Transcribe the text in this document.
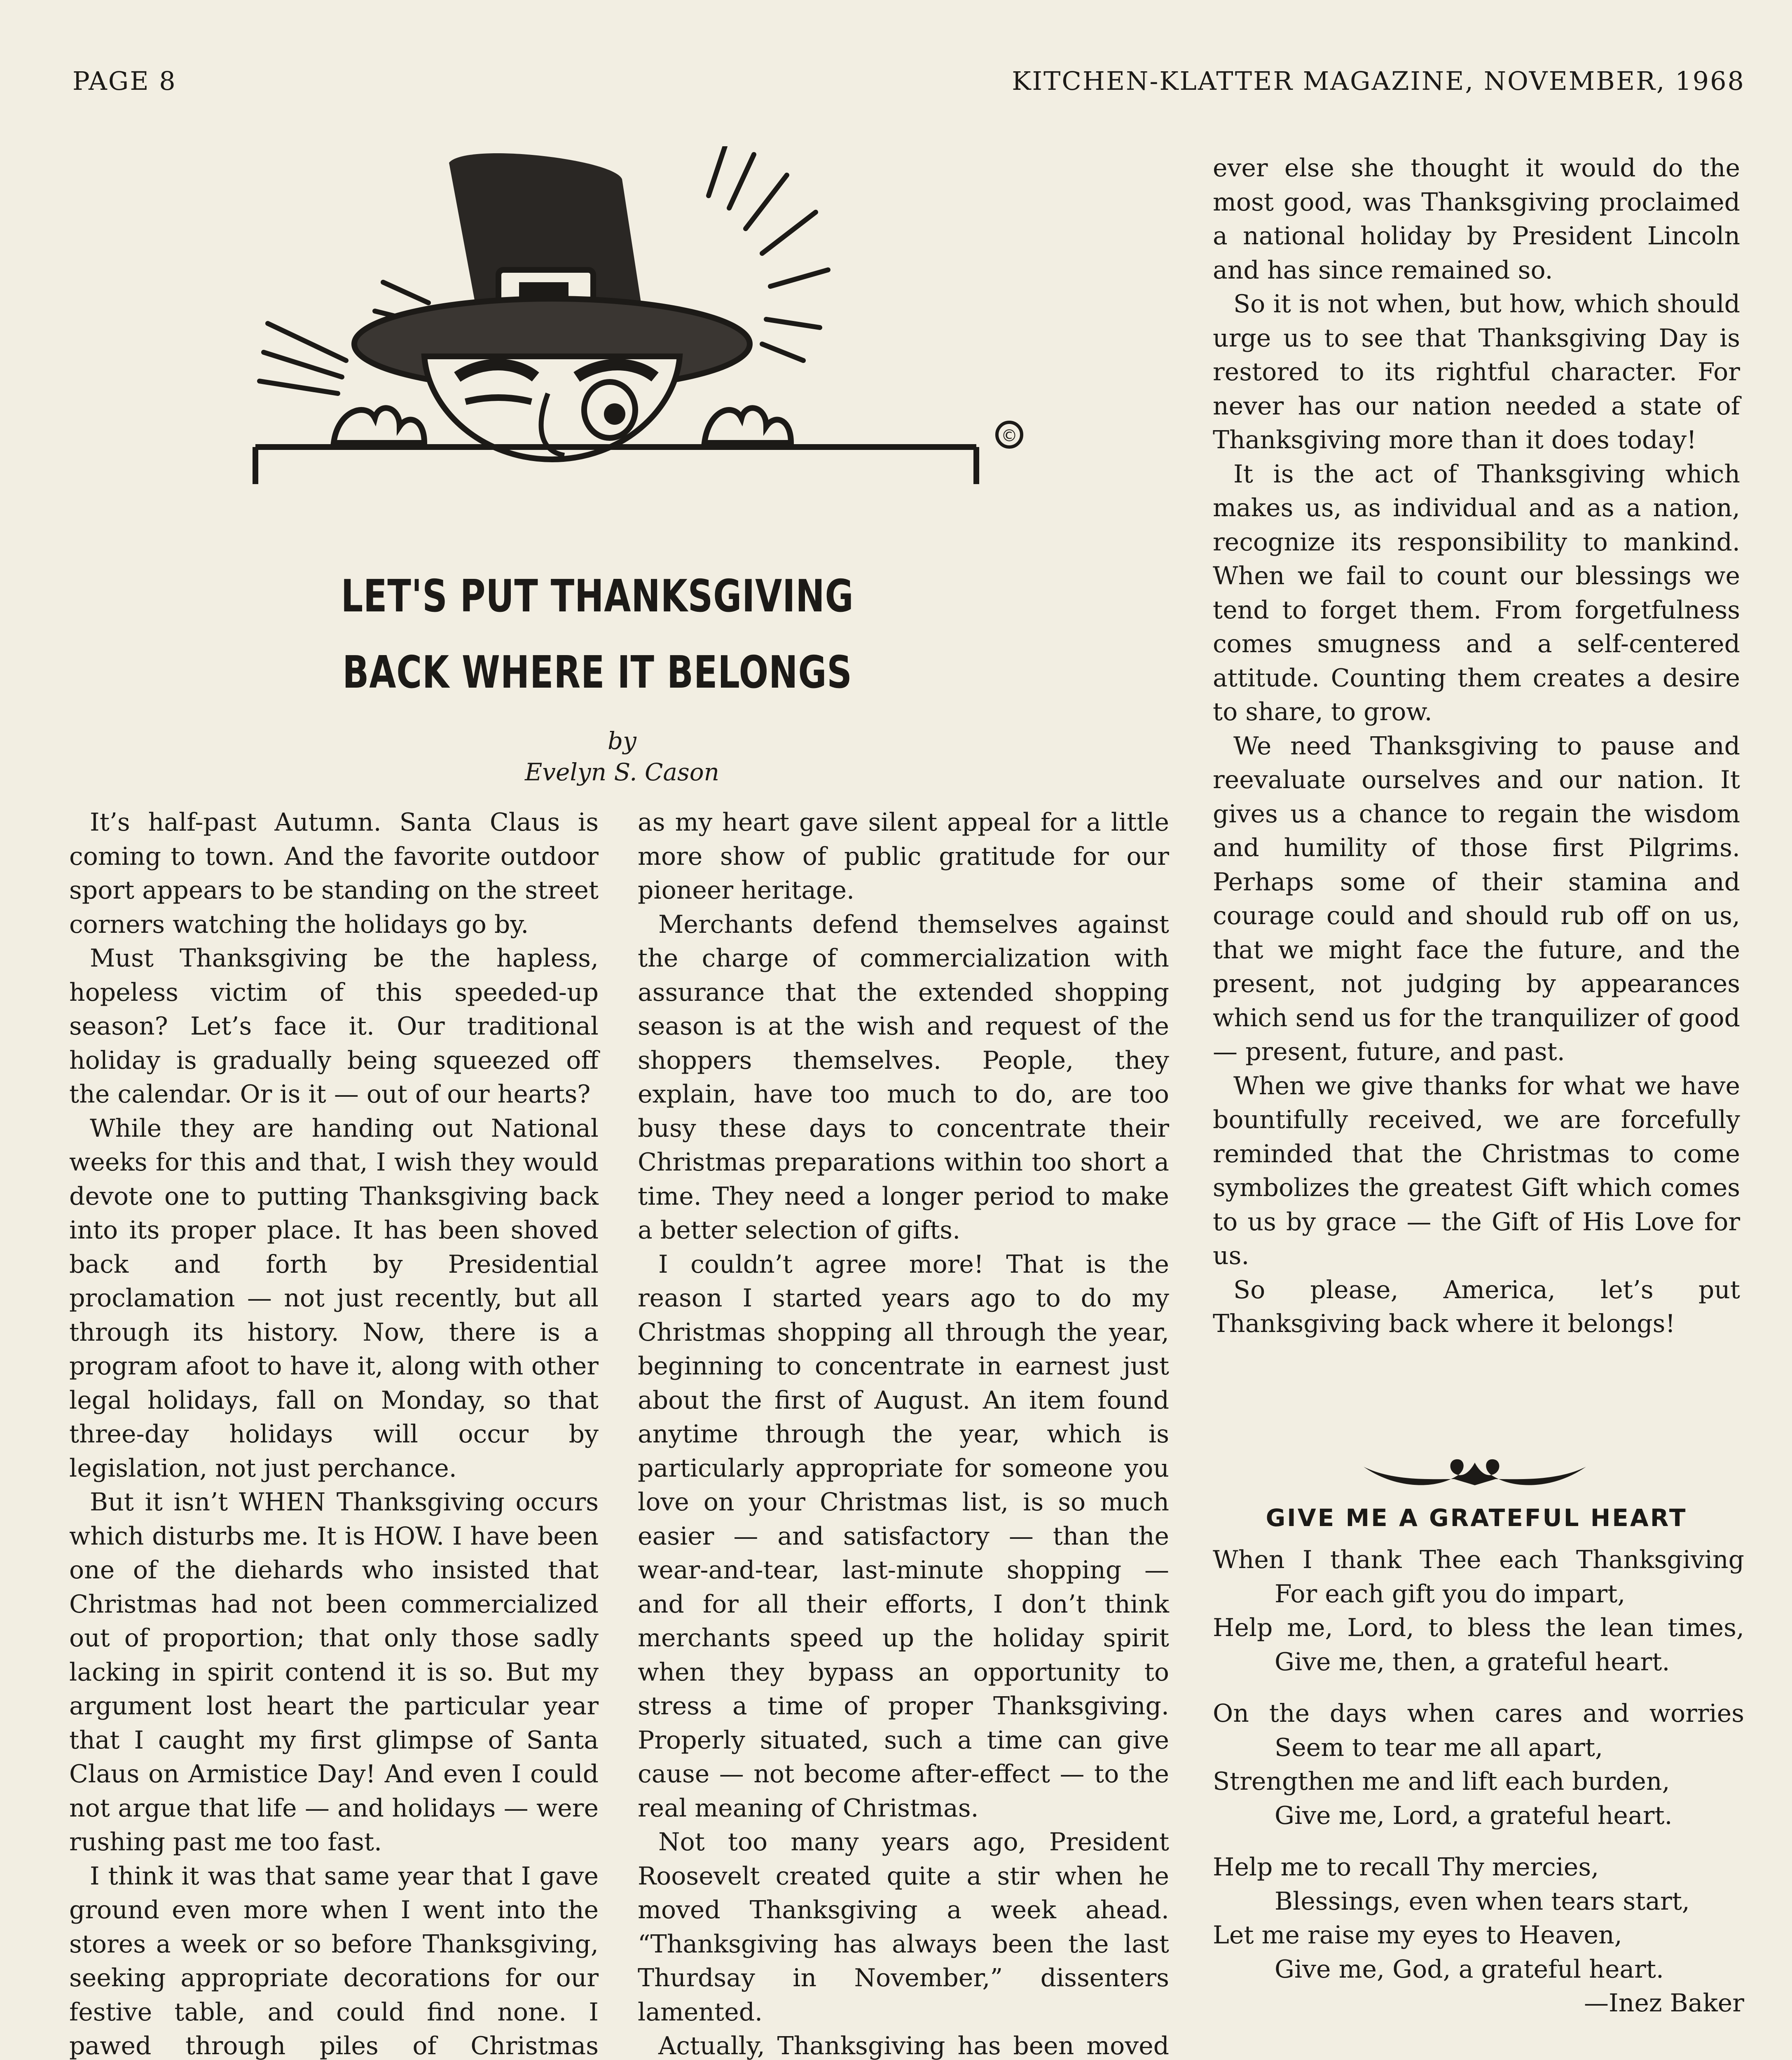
PAGE 8	KITCHEN-KLATTER MAGAZINE, NOVEMBER, 1968
©
LET'S PUT THANKSGIVING
BACK WHERE IT BELONGS
by
Evelyn S. Cason

It’s half-past Autumn. Santa Claus is coming to town. And the favorite outdoor sport appears to be standing on the street corners watching the holidays go by.

Must Thanksgiving be the hapless, hopeless victim of this speeded-up season? Let’s face it. Our traditional holiday is gradually being squeezed off the calendar. Or is it — out of our hearts?

While they are handing out National weeks for this and that, I wish they would devote one to putting Thanksgiving back into its proper place. It has been shoved back and forth by Presidential proclamation — not just recently, but all through its history. Now, there is a program afoot to have it, along with other legal holidays, fall on Monday, so that three-day holidays will occur by legislation, not just perchance.

But it isn’t WHEN Thanksgiving occurs which disturbs me. It is HOW. I have been one of the diehards who insisted that Christmas had not been commercialized out of proportion; that only those sadly lacking in spirit contend it is so. But my argument lost heart the particular year that I caught my first glimpse of Santa Claus on Armistice Day! And even I could not argue that life — and holidays — were rushing past me too fast.

I think it was that same year that I gave ground even more when I went into the stores a week or so before Thanksgiving, seeking appropriate decorations for our festive table, and could find none. I pawed through piles of Christmas

as my heart gave silent appeal for a little more show of public gratitude for our pioneer heritage.

Merchants defend themselves against the charge of commercialization with assurance that the extended shopping season is at the wish and request of the shoppers themselves. People, they explain, have too much to do, are too busy these days to concentrate their Christmas preparations within too short a time. They need a longer period to make a better selection of gifts.

I couldn’t agree more! That is the reason I started years ago to do my Christmas shopping all through the year, beginning to concentrate in earnest just about the first of August. An item found anytime through the year, which is particularly appropriate for someone you love on your Christmas list, is so much easier — and satisfactory — than the wear-and-tear, last-minute shopping — and for all their efforts, I don’t think merchants speed up the holiday spirit when they bypass an opportunity to stress a time of proper Thanksgiving. Properly situated, such a time can give cause — not become after-effect — to the real meaning of Christmas.

Not too many years ago, President Roosevelt created quite a stir when he moved Thanksgiving a week ahead. “Thanksgiving has always been the last Thurdsay in November,” dissenters lamented.

Actually, Thanksgiving has been moved

ever else she thought it would do the most good, was Thanksgiving proclaimed a national holiday by President Lincoln and has since remained so.

So it is not when, but how, which should urge us to see that Thanksgiving Day is restored to its rightful character. For never has our nation needed a state of Thanksgiving more than it does today!

It is the act of Thanksgiving which makes us, as individual and as a nation, recognize its responsibility to mankind. When we fail to count our blessings we tend to forget them. From forgetfulness comes smugness and a self-centered attitude. Counting them creates a desire to share, to grow.

We need Thanksgiving to pause and reevaluate ourselves and our nation. It gives us a chance to regain the wisdom and humility of those first Pilgrims. Perhaps some of their stamina and courage could and should rub off on us, that we might face the future, and the present, not judging by appearances which send us for the tranquilizer of good — present, future, and past.

When we give thanks for what we have bountifully received, we are forcefully reminded that the Christmas to come symbolizes the greatest Gift which comes to us by grace — the Gift of His Love for us.

So please, America, let’s put Thanksgiving back where it belongs!

GIVE ME A GRATEFUL HEART
When I thank Thee each Thanksgiving
For each gift you do impart,
Help me, Lord, to bless the lean times,
Give me, then, a grateful heart.
On the days when cares and worries
Seem to tear me all apart,
Strengthen me and lift each burden,
Give me, Lord, a grateful heart.
Help me to recall Thy mercies,
Blessings, even when tears start,
Let me raise my eyes to Heaven,
Give me, God, a grateful heart.
—Inez Baker
